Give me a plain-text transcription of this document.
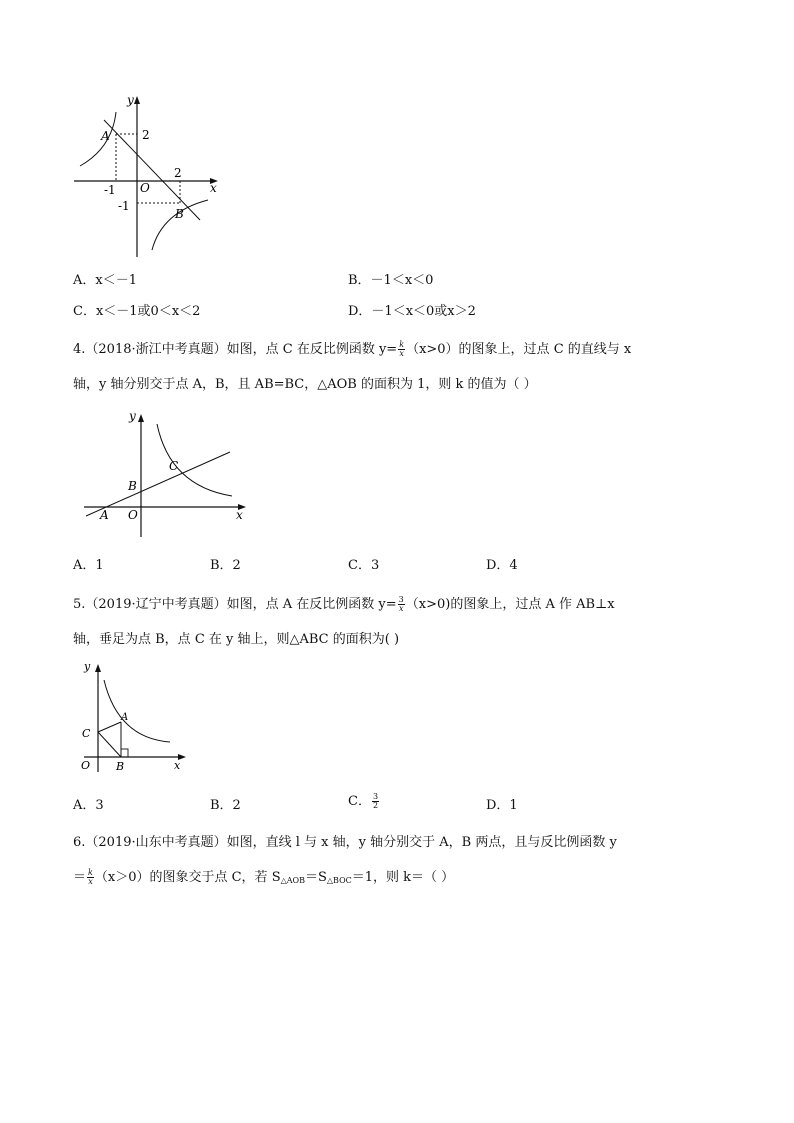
y
x
A
B
O
2
2
-1
-1
A．x＜－1	B．－1＜x＜0
C．x＜－1或0＜x＜2	D．－1＜x＜0或x＞2
4.（2018·浙江中考真题）如图，点 C 在反比例函数 $y= \frac{k}{x} (x>0)$的图象上，过点 C 的直线与 x
轴，y 轴分别交于点 A，B，且 AB=BC，△AOB 的面积为 1，则 k 的值为（ ）
y
x
A
B
C
O
A．1	B．2	C．3	D．4
5.（2019·辽宁中考真题）如图，点 A 在反比例函数 $y= \frac{3}{x} (x>0)$的图象上，过点 A 作 AB⊥x
轴，垂足为点 B，点 C 在 y 轴上，则△ABC 的面积为( )
y
x
A
B
C
O
A．3	B．2	C． $\frac{3}{2}$	D．1
6.（2019·山东中考真题）如图，直线 l 与 x 轴，y 轴分别交于 A，B 两点，且与反比例函数 y
＝ $\frac{k}{x} (x>0)$的图象交于点 C，若 $S_{\triangle AOB}=S_{\triangle BOC}=1$，则 k＝（ ）
